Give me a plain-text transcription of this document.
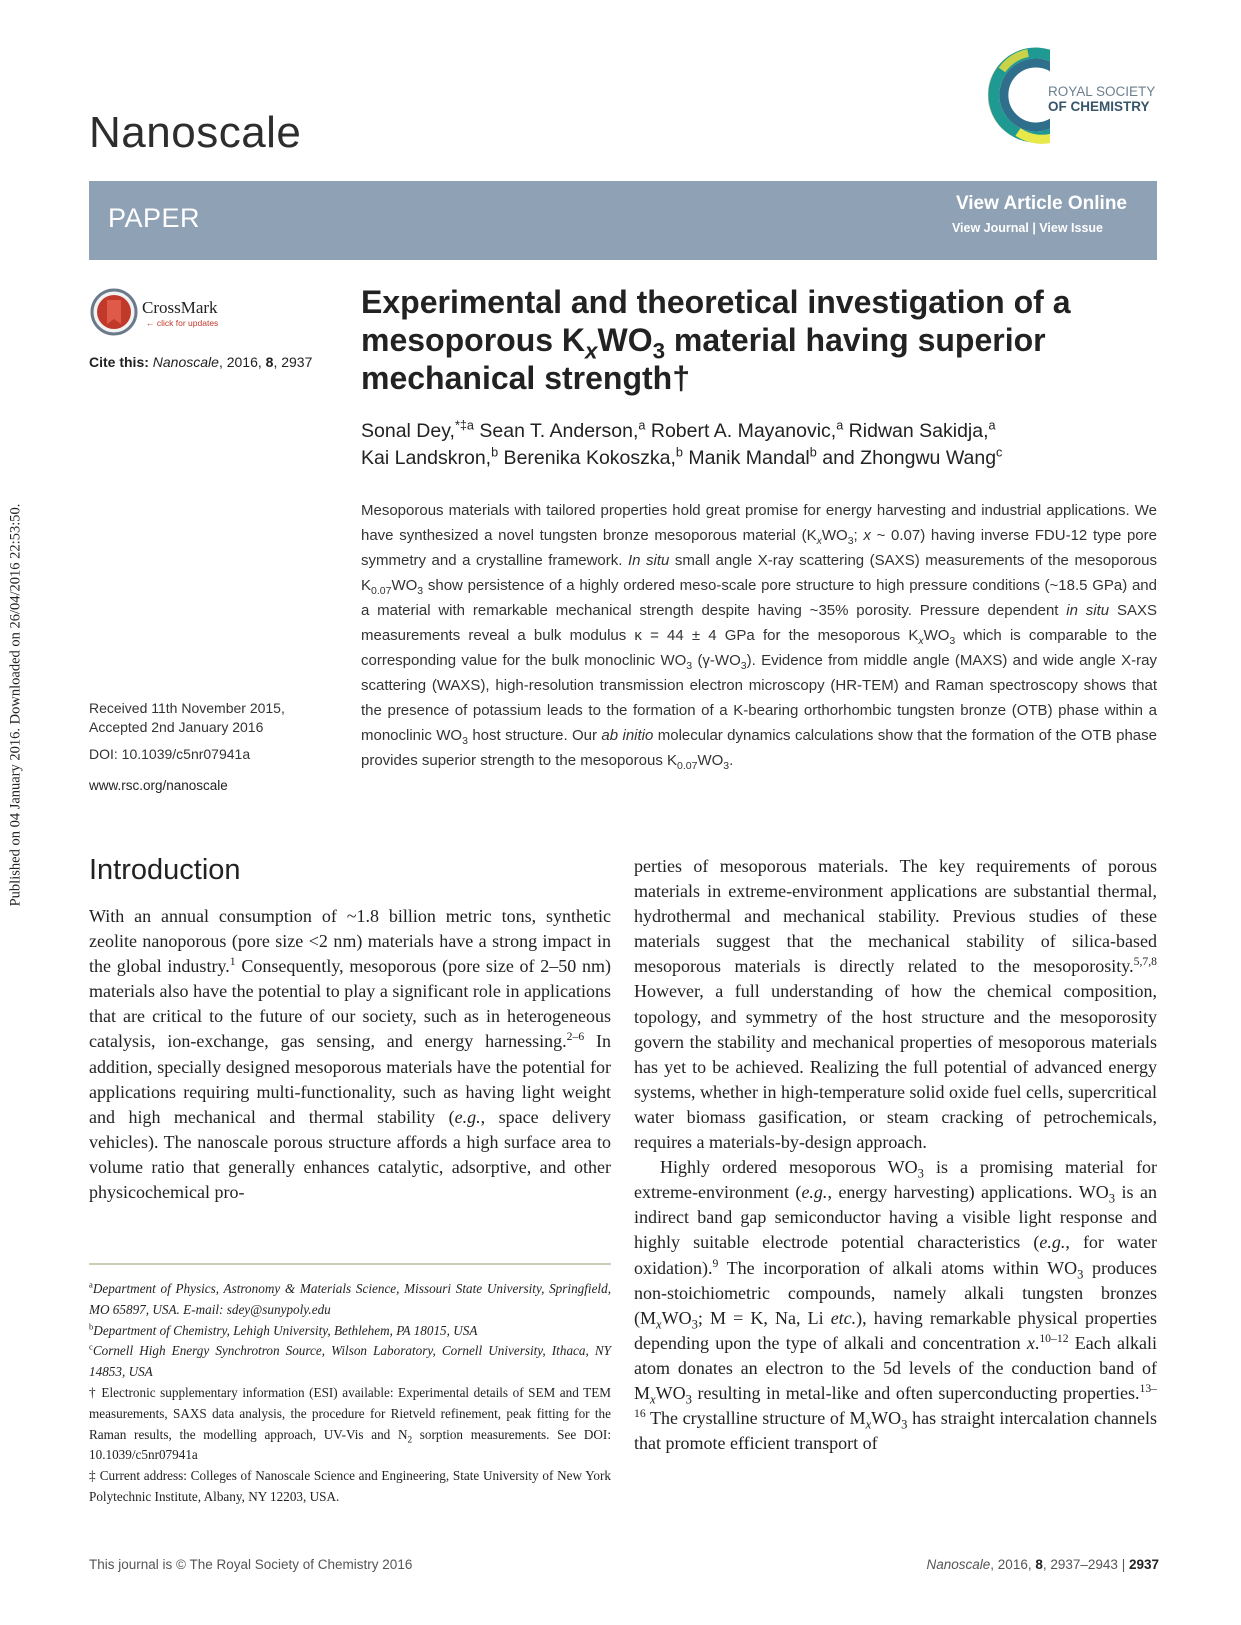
Published on 04 January 2016. Downloaded on 26/04/2016 22:53:50.
Nanoscale
ROYAL SOCIETY
OF CHEMISTRY
PAPER	View Article Online
View Journal | View Issue
CrossMark
← click for updates
Cite this: Nanoscale, 2016, 8, 2937
Received 11th November 2015,
Accepted 2nd January 2016
DOI: 10.1039/c5nr07941a
www.rsc.org/nanoscale
Experimental and theoretical investigation of a mesoporous $K_xWO_3$ material having superior mechanical strength†
Sonal Dey,$^{*\ddagger a}$ Sean T. Anderson,$^a$ Robert A. Mayanovic,$^a$ Ridwan Sakidja,$^a$
Kai Landskron,$^b$ Berenika Kokoszka,$^b$ Manik Mandal$^b$ and Zhongwu Wang$^c$
Mesoporous materials with tailored properties hold great promise for energy harvesting and industrial applications. We have synthesized a novel tungsten bronze mesoporous material ($K_xWO_3$; x ~ 0.07) having inverse FDU-12 type pore symmetry and a crystalline framework. In situ small angle X-ray scattering (SAXS) measurements of the mesoporous $K_{0.07}WO_3$ show persistence of a highly ordered meso-scale pore structure to high pressure conditions (~18.5 GPa) and a material with remarkable mechanical strength despite having ~35% porosity. Pressure dependent in situ SAXS measurements reveal a bulk modulus κ = 44 ± 4 GPa for the mesoporous $K_xWO_3$ which is comparable to the corresponding value for the bulk monoclinic $WO_3$ $(\gamma-WO_3)$. Evidence from middle angle (MAXS) and wide angle X-ray scattering (WAXS), high-resolution transmission electron microscopy (HR-TEM) and Raman spectroscopy shows that the presence of potassium leads to the formation of a K-bearing orthorhombic tungsten bronze (OTB) phase within a monoclinic $WO_3$ host structure. Our ab initio molecular dynamics calculations show that the formation of the OTB phase provides superior strength to the mesoporous $K_{0.07}WO_3$.
Introduction

With an annual consumption of ~1.8 billion metric tons, synthetic zeolite nanoporous (pore size <2 nm) materials have a strong impact in the global industry.$^1$ Consequently, mesoporous (pore size of 2–50 nm) materials also have the potential to play a significant role in applications that are critical to the future of our society, such as in heterogeneous catalysis, ion-exchange, gas sensing, and energy harnessing.$^{2-6}$ In addition, specially designed mesoporous materials have the potential for applications requiring multi-functionality, such as having light weight and high mechanical and thermal stability (e.g., space delivery vehicles). The nanoscale porous structure affords a high surface area to volume ratio that generally enhances catalytic, adsorptive, and other physicochemical pro-

perties of mesoporous materials. The key requirements of porous materials in extreme-environment applications are substantial thermal, hydrothermal and mechanical stability. Previous studies of these materials suggest that the mechanical stability of silica-based mesoporous materials is directly related to the mesoporosity.$^{5,7,8}$ However, a full understanding of how the chemical composition, topology, and symmetry of the host structure and the mesoporosity govern the stability and mechanical properties of mesoporous materials has yet to be achieved. Realizing the full potential of advanced energy systems, whether in high-temperature solid oxide fuel cells, supercritical water biomass gasification, or steam cracking of petrochemicals, requires a materials-by-design approach.

Highly ordered mesoporous $WO_3$ is a promising material for extreme-environment (e.g., energy harvesting) applications. $WO_3$ is an indirect band gap semiconductor having a visible light response and highly suitable electrode potential characteristics (e.g., for water oxidation).$^9$ The incorporation of alkali atoms within $WO_3$ produces non-stoichiometric compounds, namely alkali tungsten bronzes ($M_xWO_3$; M = K, Na, Li etc.), having remarkable physical properties depending upon the type of alkali and concentration x.$^{10-12}$ Each alkali atom donates an electron to the 5d levels of the conduction band of $M_xWO_3$ resulting in metal-like and often superconducting properties.$^{13-16}$ The crystalline structure of $M_xWO_3$ has straight intercalation channels that promote efficient transport of

$^a$Department of Physics, Astronomy & Materials Science, Missouri State University, Springfield, MO 65897, USA. E-mail: sdey@sunypoly.edu

$^b$Department of Chemistry, Lehigh University, Bethlehem, PA 18015, USA

$^c$Cornell High Energy Synchrotron Source, Wilson Laboratory, Cornell University, Ithaca, NY 14853, USA

† Electronic supplementary information (ESI) available: Experimental details of SEM and TEM measurements, SAXS data analysis, the procedure for Rietveld refinement, peak fitting for the Raman results, the modelling approach, UV-Vis and $N_2$ sorption measurements. See DOI: 10.1039/c5nr07941a

‡ Current address: Colleges of Nanoscale Science and Engineering, State University of New York Polytechnic Institute, Albany, NY 12203, USA.

This journal is © The Royal Society of Chemistry 2016	Nanoscale, 2016, 8, 2937–2943 | 2937
